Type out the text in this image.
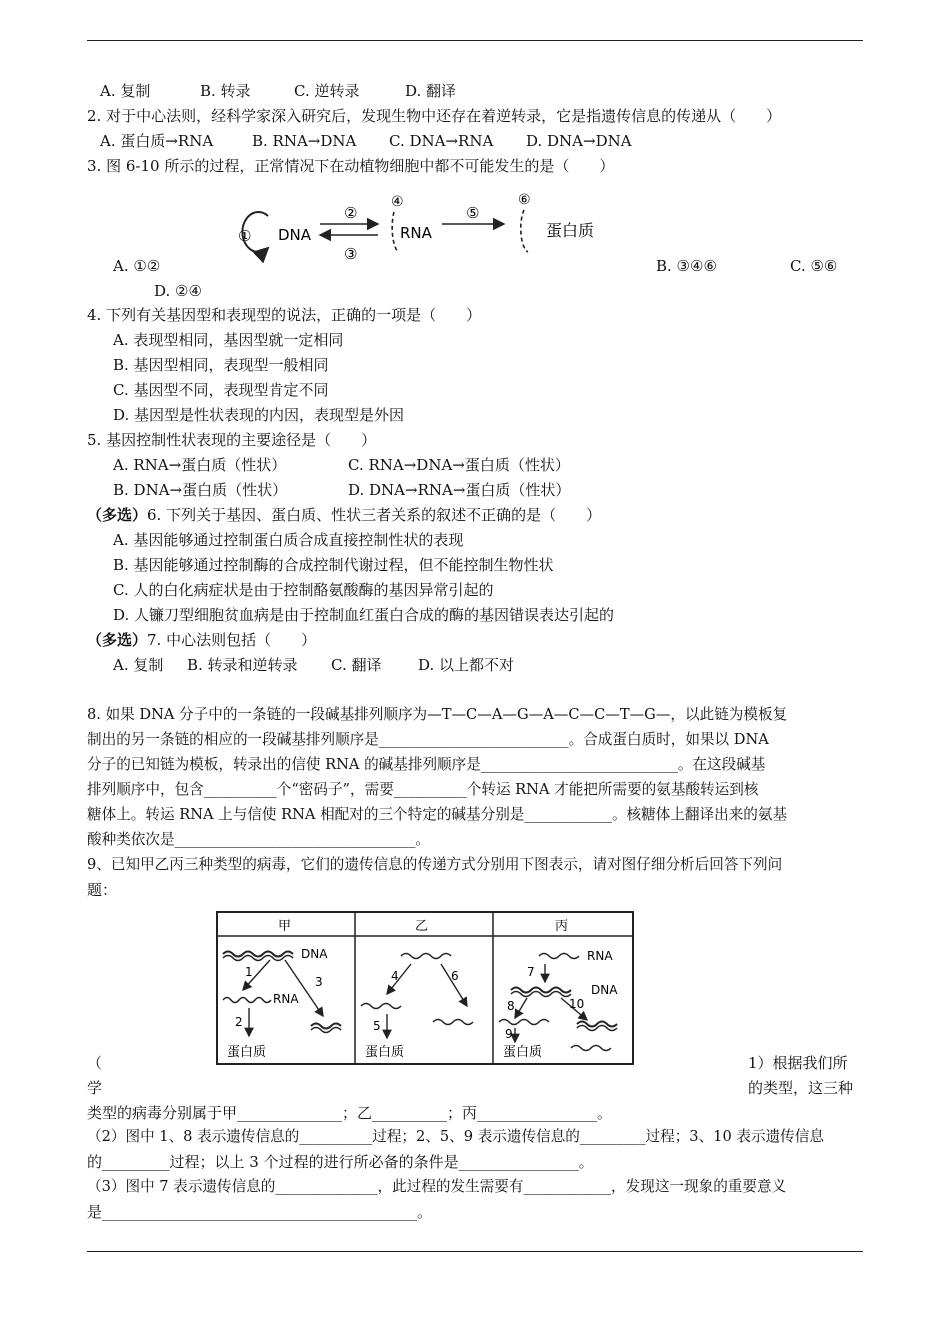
A. 复制	B. 转录	C. 逆转录	D. 翻译
2. 对于中心法则，经科学家深入研究后，发现生物中还存在着逆转录，它是指遗传信息的传递从（　　）
A. 蛋白质→RNA	B. RNA→DNA C. DNA→RNA D. DNA→DNA
3. 图 6-10 所示的过程，正常情况下在动植物细胞中都不可能发生的是（　　）
① DNA
②
③
④
RNA
⑤
⑥
蛋白质
A. ①②	B. ③④⑥	C. ⑤⑥
D. ②④
4. 下列有关基因型和表现型的说法，正确的一项是（　　）
A. 表现型相同，基因型就一定相同
B. 基因型相同，表现型一般相同
C. 基因型不同，表现型肯定不同
D. 基因型是性状表现的内因，表现型是外因
5. 基因控制性状表现的主要途径是（　　）
A. RNA→蛋白质（性状）	C. RNA→DNA→蛋白质（性状）
B. DNA→蛋白质（性状）	D. DNA→RNA→蛋白质（性状）
（多选）6. 下列关于基因、蛋白质、性状三者关系的叙述不正确的是（　　）
A. 基因能够通过控制蛋白质合成直接控制性状的表现
B. 基因能够通过控制酶的合成控制代谢过程，但不能控制生物性状
C. 人的白化病症状是由于控制酪氨酸酶的基因异常引起的
D. 人镰刀型细胞贫血病是由于控制血红蛋白合成的酶的基因错误表达引起的
（多选）7. 中心法则包括（　　）
A. 复制 B. 转录和逆转录 C. 翻译 D. 以上都不对
8. 如果 DNA 分子中的一条链的一段碱基排列顺序为—T—C—A—G—A—C—C—T—G—，以此链为模板复
制出的另一条链的相应的一段碱基排列顺序是__________________________。合成蛋白质时，如果以 DNA
分子的已知链为模板，转录出的信使 RNA 的碱基排列顺序是___________________________。在这段碱基
排列顺序中，包含__________个“密码子”，需要__________个转运 RNA 才能把所需要的氨基酸转运到核
糖体上。转运 RNA 上与信使 RNA 相配对的三个特定的碱基分别是____________。核糖体上翻译出来的氨基
酸种类依次是_________________________________。
9、已知甲乙丙三种类型的病毒，它们的遗传信息的传递方式分别用下图表示，请对图仔细分析后回答下列问
题：
甲	乙	丙
DNA
1
3
RNA
2
蛋白质
4	6
5
蛋白质
RNA
7
DNA
8	10
9
蛋白质
（
学
1）根据我们所
的类型，这三种
类型的病毒分别属于甲______________；乙__________；丙________________。
（2）图中 1、8 表示遗传信息的__________过程；2、5、9 表示遗传信息的_________过程；3、10 表示遗传信息
的_________过程；以上 3 个过程的进行所必备的条件是________________。
（3）图中 7 表示遗传信息的______________，此过程的发生需要有____________，发现这一现象的重要意义
是__________________________________________。
